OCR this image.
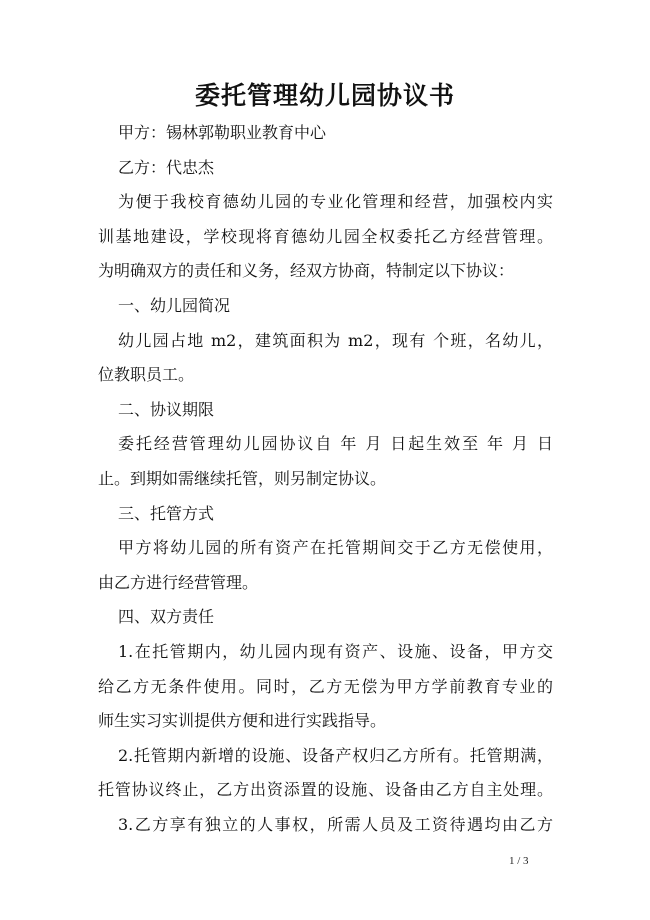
委托管理幼儿园协议书
甲方：锡林郭勒职业教育中心
乙方：代忠杰
为便于我校育德幼儿园的专业化管理和经营，加强校内实
训基地建设，学校现将育德幼儿园全权委托乙方经营管理。
为明确双方的责任和义务，经双方协商，特制定以下协议：
一、幼儿园简况
幼儿园占地 m2，建筑面积为 m2，现有 个班，名幼儿，
位教职员工。
二、协议期限
委托经营管理幼儿园协议自 年 月 日起生效至 年 月 日
止。到期如需继续托管，则另制定协议。
三、托管方式
甲方将幼儿园的所有资产在托管期间交于乙方无偿使用，
由乙方进行经营管理。
四、双方责任
1.在托管期内，幼儿园内现有资产、设施、设备，甲方交
给乙方无条件使用。同时，乙方无偿为甲方学前教育专业的
师生实习实训提供方便和进行实践指导。
2.托管期内新增的设施、设备产权归乙方所有。托管期满，
托管协议终止，乙方出资添置的设施、设备由乙方自主处理。
3.乙方享有独立的人事权，所需人员及工资待遇均由乙方
1 / 3
